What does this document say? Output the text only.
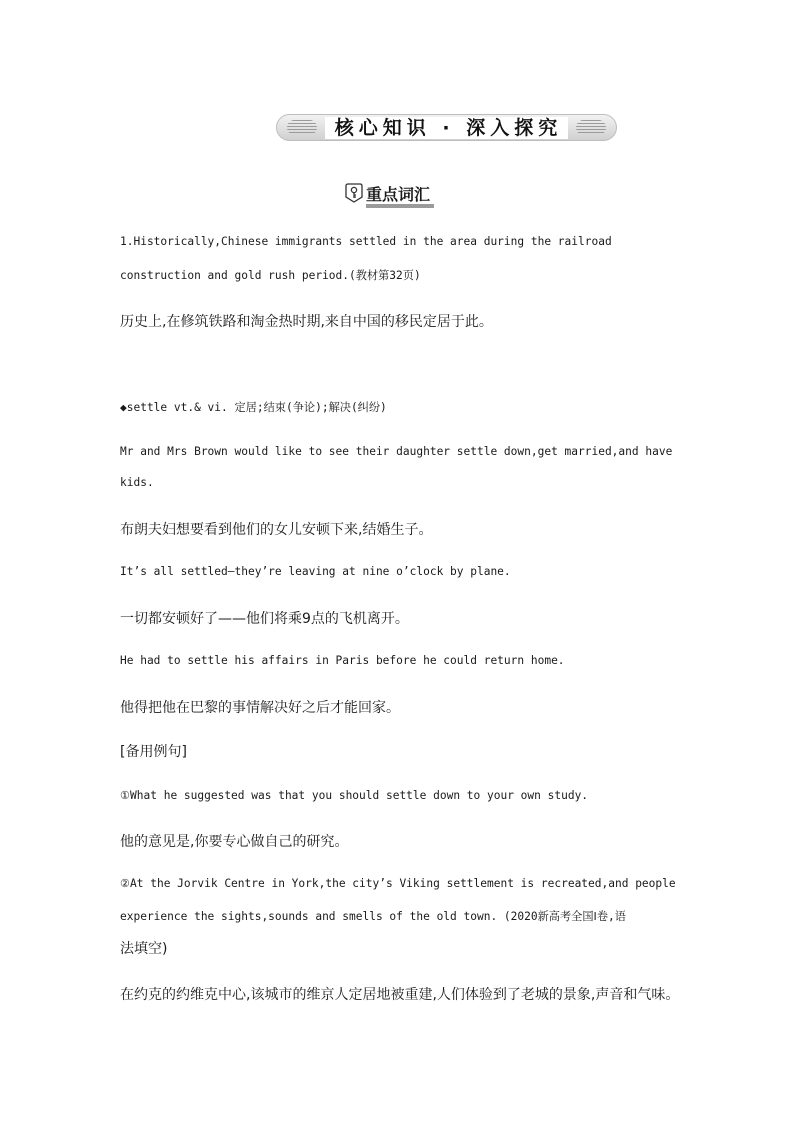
核心知识 · 深入探究
重点词汇
1.Historically,Chinese immigrants settled in the area during the railroad
construction and gold rush period.(教材第32页)
历史上,在修筑铁路和淘金热时期,来自中国的移民定居于此。
◆settle vt.& vi. 定居;结束(争论);解决(纠纷)
Mr and Mrs Brown would like to see their daughter settle down,get married,and have
kids.
布朗夫妇想要看到他们的女儿安顿下来,结婚生子。
It’s all settled—they’re leaving at nine o’clock by plane.
一切都安顿好了——他们将乘9点的飞机离开。
He had to settle his affairs in Paris before he could return home.
他得把他在巴黎的事情解决好之后才能回家。
[备用例句]
①What he suggested was that you should settle down to your own study.
他的意见是,你要专心做自己的研究。
②At the Jorvik Centre in York,the city’s Viking settlement is recreated,and people
experience the sights,sounds and smells of the old town. (2020新高考全国Ⅰ卷,语
法填空)
在约克的约维克中心,该城市的维京人定居地被重建,人们体验到了老城的景象,声音和气味。
